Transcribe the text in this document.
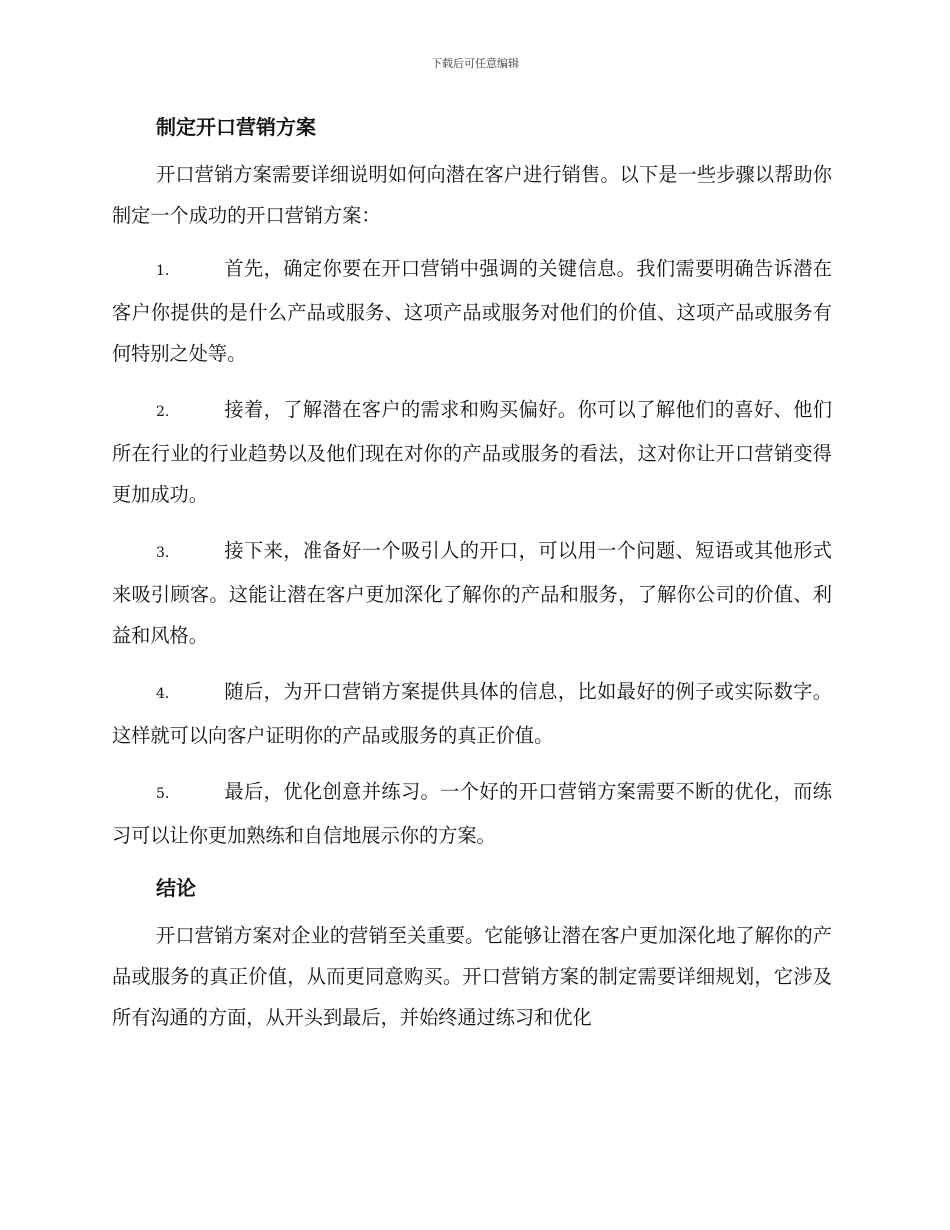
下载后可任意编辑
制定开口营销方案

开口营销方案需要详细说明如何向潜在客户进行销售。以下是一些步骤以帮助你制定一个成功的开口营销方案：

1.	首先，确定你要在开口营销中强调的关键信息。我们需要明确告诉潜在客户你提供的是什么产品或服务、这项产品或服务对他们的价值、这项产品或服务有何特别之处等。

2.	接着，了解潜在客户的需求和购买偏好。你可以了解他们的喜好、他们所在行业的行业趋势以及他们现在对你的产品或服务的看法，这对你让开口营销变得更加成功。

3.	接下来，准备好一个吸引人的开口，可以用一个问题、短语或其他形式来吸引顾客。这能让潜在客户更加深化了解你的产品和服务，了解你公司的价值、利益和风格。

4.	随后，为开口营销方案提供具体的信息，比如最好的例子或实际数字。这样就可以向客户证明你的产品或服务的真正价值。

5.	最后，优化创意并练习。一个好的开口营销方案需要不断的优化，而练习可以让你更加熟练和自信地展示你的方案。

结论

开口营销方案对企业的营销至关重要。它能够让潜在客户更加深化地了解你的产品或服务的真正价值，从而更同意购买。开口营销方案的制定需要详细规划，它涉及所有沟通的方面，从开头到最后，并始终通过练习和优化
